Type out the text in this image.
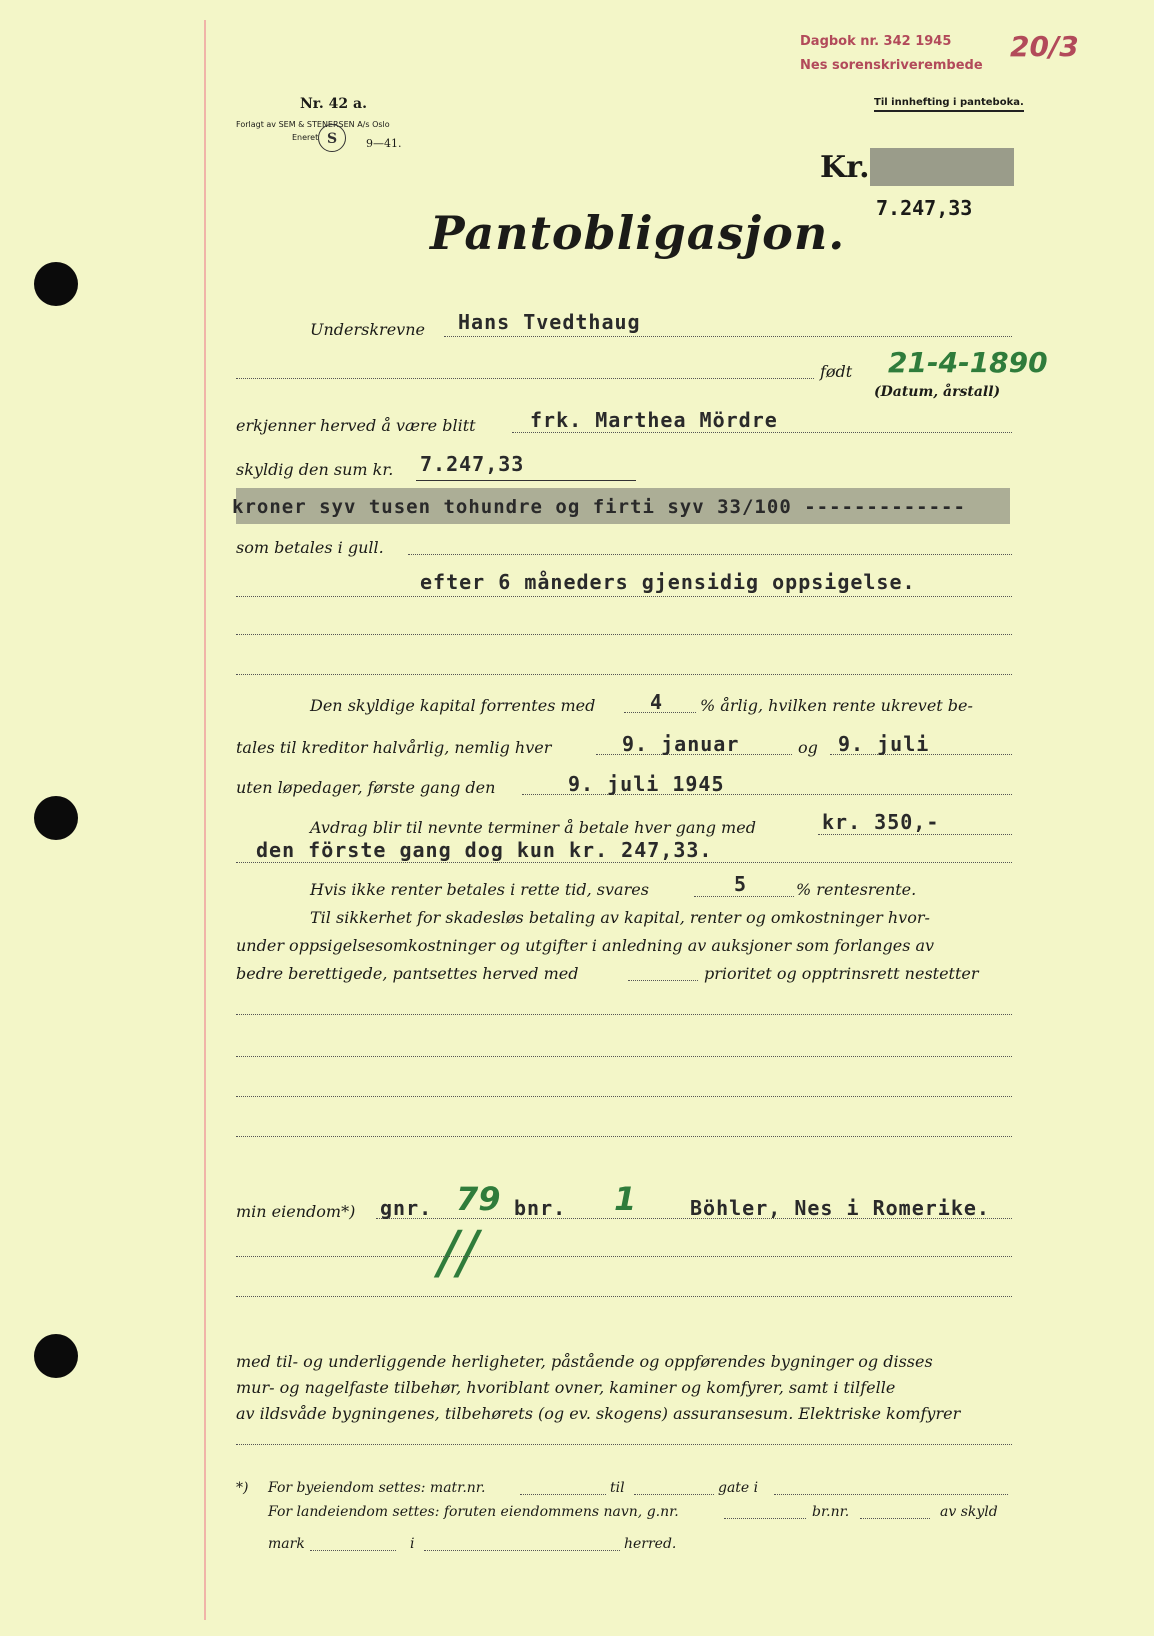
Nr. 42 a.
Forlagt av SEM & STENERSEN A/s Oslo
Eneret S	9—41.
Dagbok nr. 342 1945
Nes sorenskriverembede
20/3
Til innhefting i panteboka.
Kr.
7.247,33
Pantobligasjon.
Underskrevne Hans Tvedthaug
født 21-4-1890
(Datum, årstall)
erkjenner herved å være blitt	frk. Marthea Mördre
skyldig den sum kr. 7.247,33
kroner syv tusen tohundre og firti syv 33/100 -------------
som betales i gull.
efter 6 måneders gjensidig oppsigelse.
Den skyldige kapital forrentes med	4 % årlig, hvilken rente ukrevet be-
tales til kreditor halvårlig, nemlig hver	9. januar	og 9. juli
uten løpedager, første gang den	9. juli 1945
Avdrag blir til nevnte terminer å betale hver gang med	kr. 350,-
den förste gang dog kun kr. 247,33.
Hvis ikke renter betales i rette tid, svares	5	% rentesrente.
Til sikkerhet for skadesløs betaling av kapital, renter og omkostninger hvor-
under oppsigelsesomkostninger og utgifter i anledning av auksjoner som forlanges av
bedre berettigede, pantsettes herved med	prioritet og opptrinsrett nestetter
min eiendom*) gnr. 79 bnr. 1	Böhler, Nes i Romerike.
//
med til- og underliggende herligheter, påstående og oppførendes bygninger og disses
mur- og nagelfaste tilbehør, hvoriblant ovner, kaminer og komfyrer, samt i tilfelle
av ildsvåde bygningenes, tilbehørets (og ev. skogens) assuransesum. Elektriske komfyrer
*) For byeiendom settes: matr.nr.	til	gate i
For landeiendom settes: foruten eiendommens navn, g.nr.	br.nr.	av skyld
mark	i	herred.
